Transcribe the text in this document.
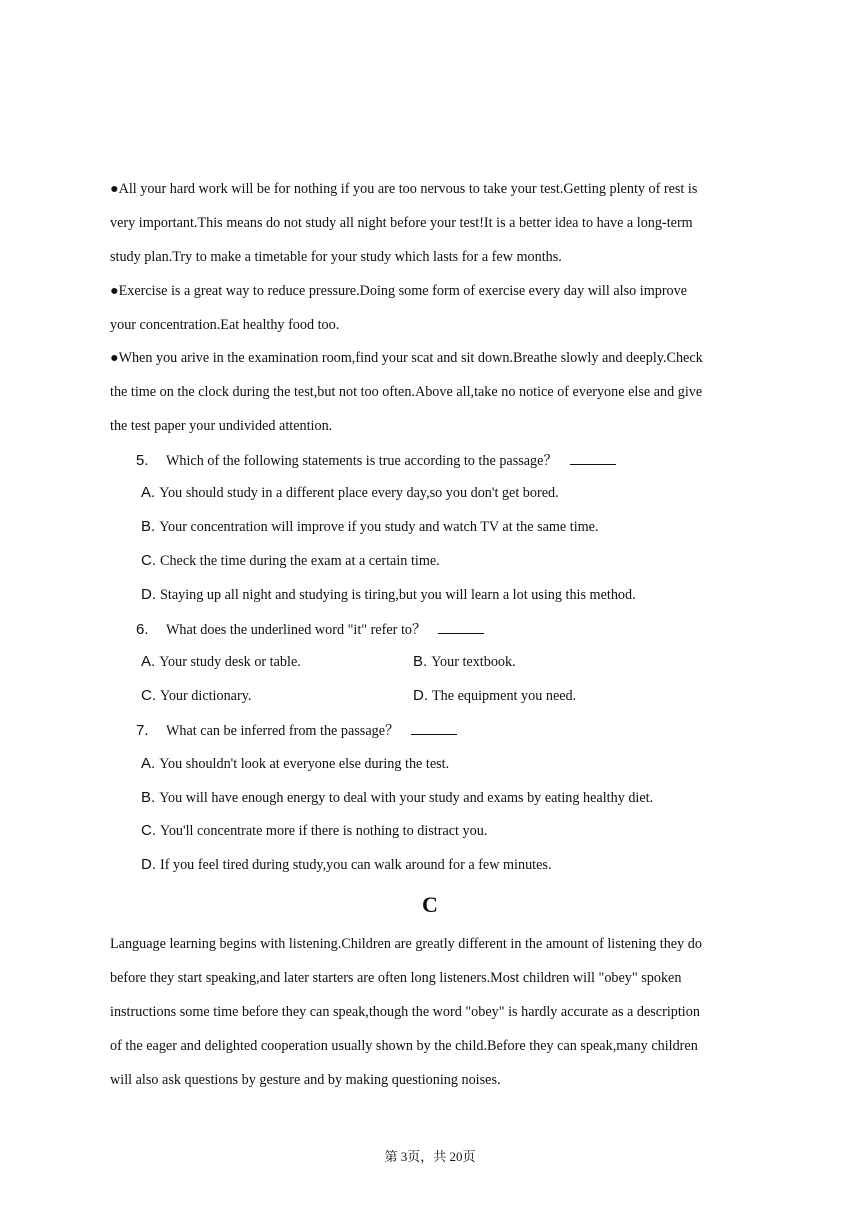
●All your hard work will be for nothing if you are too nervous to take your test.Getting plenty of rest is
very important.This means do not study all night before your test!It is a better idea to have a long-term
study plan.Try to make a timetable for your study which lasts for a few months.
●Exercise is a great way to reduce pressure.Doing some form of exercise every day will also improve
your concentration.Eat healthy food too.
●When you arive in the examination room,find your scat and sit down.Breathe slowly and deeply.Check
the time on the clock during the test,but not too often.Above all,take no notice of everyone else and give
the test paper your undivided attention.
5. Which of the following statements is true according to the passage？
A. You should study in a different place every day,so you don't get bored.
B. Your concentration will improve if you study and watch TV at the same time.
C. Check the time during the exam at a certain time.
D. Staying up all night and studying is tiring,but you will learn a lot using this method.
6. What does the underlined word "it" refer to？
A. Your study desk or table.	B. Your textbook.
C. Your dictionary.	D. The equipment you need.
7. What can be inferred from the passage？
A. You shouldn't look at everyone else during the test.
B. You will have enough energy to deal with your study and exams by eating healthy diet.
C. You'll concentrate more if there is nothing to distract you.
D. If you feel tired during study,you can walk around for a few minutes.
C
Language learning begins with listening.Children are greatly different in the amount of listening they do
before they start speaking,and later starters are often long listeners.Most children will "obey" spoken
instructions some time before they can speak,though the word "obey" is hardly accurate as a description
of the eager and delighted cooperation usually shown by the child.Before they can speak,many children
will also ask questions by gesture and by making questioning noises.
第 3页，共 20页
